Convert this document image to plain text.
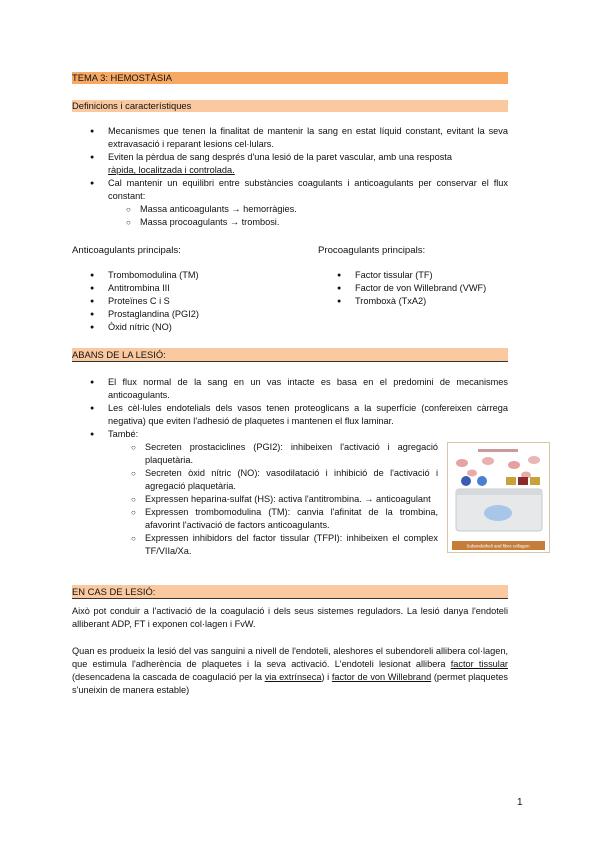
TEMA 3: HEMOSTÀSIA
Definicions i característiques
● Mecanismes que tenen la finalitat de mantenir la sang en estat líquid constant, evitant la seva extravasació i reparant lesions cel·lulars.
● Eviten la pèrdua de sang després d'una lesió de la paret vascular, amb una resposta
ràpida, localitzada i controlada.
● Cal mantenir un equilibri entre substàncies coagulants i anticoagulants per conservar el flux constant:
○ Massa anticoagulants → hemorràgies.
○ Massa procoagulants → trombosi.
Anticoagulants principals:
● Trombomodulina (TM)
● Antitrombina III
● Proteïnes C i S
● Prostaglandina (PGI2)
● Òxid nítric (NO)
Procoagulants principals:
● Factor tissular (TF)
● Factor de von Willebrand (VWF)
● Tromboxà (TxA2)
ABANS DE LA LESIÓ:
● El flux normal de la sang en un vas intacte es basa en el predomini de mecanismes anticoagulants.
● Les cèl·lules endotelials dels vasos tenen proteoglicans a la superfície (confereixen càrrega negativa) que eviten l'adhesió de plaquetes i mantenen el flux laminar.
● També:
○ Secreten prostaciclines (PGI2): inhibeixen l'activació i agregació plaquetària.
○ Secreten òxid nítric (NO): vasodilatació i inhibició de l'activació i agregació plaquetària.
○ Expressen heparina-sulfat (HS): activa l'antitrombina. → anticoagulant
○ Expressen trombomodulina (TM): canvia l'afinitat de la trombina, afavorint l'activació de factors anticoagulants.
○ Expressen inhibidors del factor tissular (TFPI): inhibeixen el complex TF/VIIa/Xa.	Subendotheli and fibro collagen
EN CAS DE LESIÓ:
Això pot conduir a l'activació de la coagulació i dels seus sistemes reguladors. La lesió danya l'endoteli alliberant ADP, FT i exponen col·lagen i FvW.
Quan es produeix la lesió del vas sanguini a nivell de l'endoteli, aleshores el subendoreli allibera col·lagen, que estimula l'adherència de plaquetes i la seva activació. L'endoteli lesionat allibera factor tissular (desencadena la cascada de coagulació per la via extrínseca) i factor de von Willebrand (permet plaquetes s'uneixin de manera estable)
1
